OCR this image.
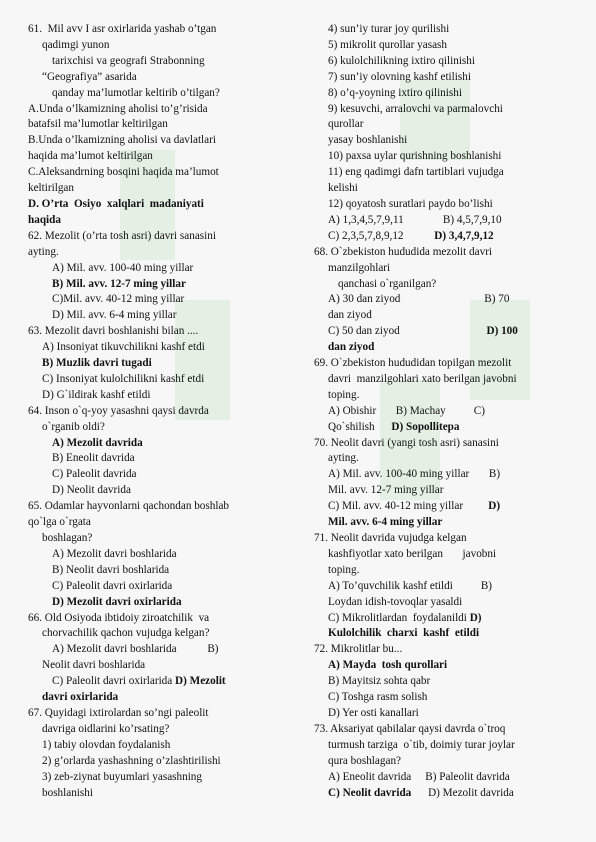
61.  Mil avv I asr oxirlarida yashab o’tgan
qadimgi yunon
tarixchisi va geografi Strabonning
“Geografiya” asarida
qanday ma’lumotlar keltirib o’tilgan?
A.Unda o’lkamizning aholisi to’g’risida
batafsil ma’lumotlar keltirilgan
B.Unda o’lkamizning aholisi va davlatlari
haqida ma’lumot keltirilgan
C.Aleksandrning bosqini haqida ma’lumot
keltirilgan
D. O’rta  Osiyo  xalqlari  madaniyati
haqida
62. Mezolit (o’rta tosh asri) davri sanasini
ayting.
A) Mil. avv. 100-40 ming yillar
B) Mil. avv. 12-7 ming yillar
C)Mil. avv. 40-12 ming yillar
D) Mil. avv. 6-4 ming yillar
63. Mezolit davri boshlanishi bilan ....
A) Insoniyat tikuvchilikni kashf etdi
B) Muzlik davri tugadi
C) Insoniyat kulolchilikni kashf etdi
D) G`ildirak kashf etildi
64. Inson o`q-yoy yasashni qaysi davrda
o`rganib oldi?
A) Mezolit davrida
B) Eneolit davrida
C) Paleolit davrida
D) Neolit davrida
65. Odamlar hayvonlarni qachondan boshlab
qo`lga o`rgata
boshlagan?
A) Mezolit davri boshlarida
B) Neolit davri boshlarida
C) Paleolit davri oxirlarida
D) Mezolit davri oxirlarida
66. Old Osiyoda ibtidoiy ziroatchilik  va
chorvachilik qachon vujudga kelgan?
A) Mezolit davri boshlarida           B)
Neolit davri boshlarida
C) Paleolit davri oxirlarida D) Mezolit
davri oxirlarida
67. Quyidagi ixtirolardan so’ngi paleolit
davriga oidlarini ko’rsating?
1) tabiy olovdan foydalanish
2) g’orlarda yashashning o’zlashtirilishi
3) zeb-ziynat buyumlari yasashning
boshlanishi
4) sun’iy turar joy qurilishi
5) mikrolit qurollar yasash
6) kulolchilikning ixtiro qilinishi
7) sun’iy olovning kashf etilishi
8) o’q-yoyning ixtiro qilinishi
9) kesuvchi, arralovchi va parmalovchi
qurollar
yasay boshlanishi
10) paxsa uylar qurishning boshlanishi
11) eng qadimgi dafn tartiblari vujudga
kelishi
12) qoyatosh suratlari paydo bo’lishi
A) 1,3,4,5,7,9,11              B) 4,5,7,9,10
C) 2,3,5,7,8,9,12           D) 3,4,7,9,12
68. O`zbekiston hududida mezolit davri
manzilgohlari
qanchasi o`rganilgan?
A) 30 dan ziyod                              B) 70
dan ziyod
C) 50 dan ziyod                               D) 100
dan ziyod
69. O`zbekiston hududidan topilgan mezolit
davri  manzilgohlari xato berilgan javobni
toping.
A) Obishir       B) Machay          C)
Qo`shilish      D) Sopollitepa
70. Neolit davri (yangi tosh asri) sanasini
ayting.
A) Mil. avv. 100-40 ming yillar       B)
Mil. avv. 12-7 ming yillar
C) Mil. avv. 40-12 ming yillar         D)
Mil. avv. 6-4 ming yillar
71. Neolit davrida vujudga kelgan
kashfiyotlar xato berilgan       javobni
toping.
A) To’quvchilik kashf etildi          B)
Loydan idish-tovoqlar yasaldi
C) Mikrolitlardan  foydalanildi D)
Kulolchilik  charxi  kashf  etildi
72. Mikrolitlar bu...
A) Mayda  tosh qurollari
B) Mayitsiz sohta qabr
C) Toshga rasm solish
D) Yer osti kanallari
73. Aksariyat qabilalar qaysi davrda o`troq
turmush tarziga  o`tib, doimiy turar joylar
qura boshlagan?
A) Eneolit davrida     B) Paleolit davrida
C) Neolit davrida      D) Mezolit davrida
